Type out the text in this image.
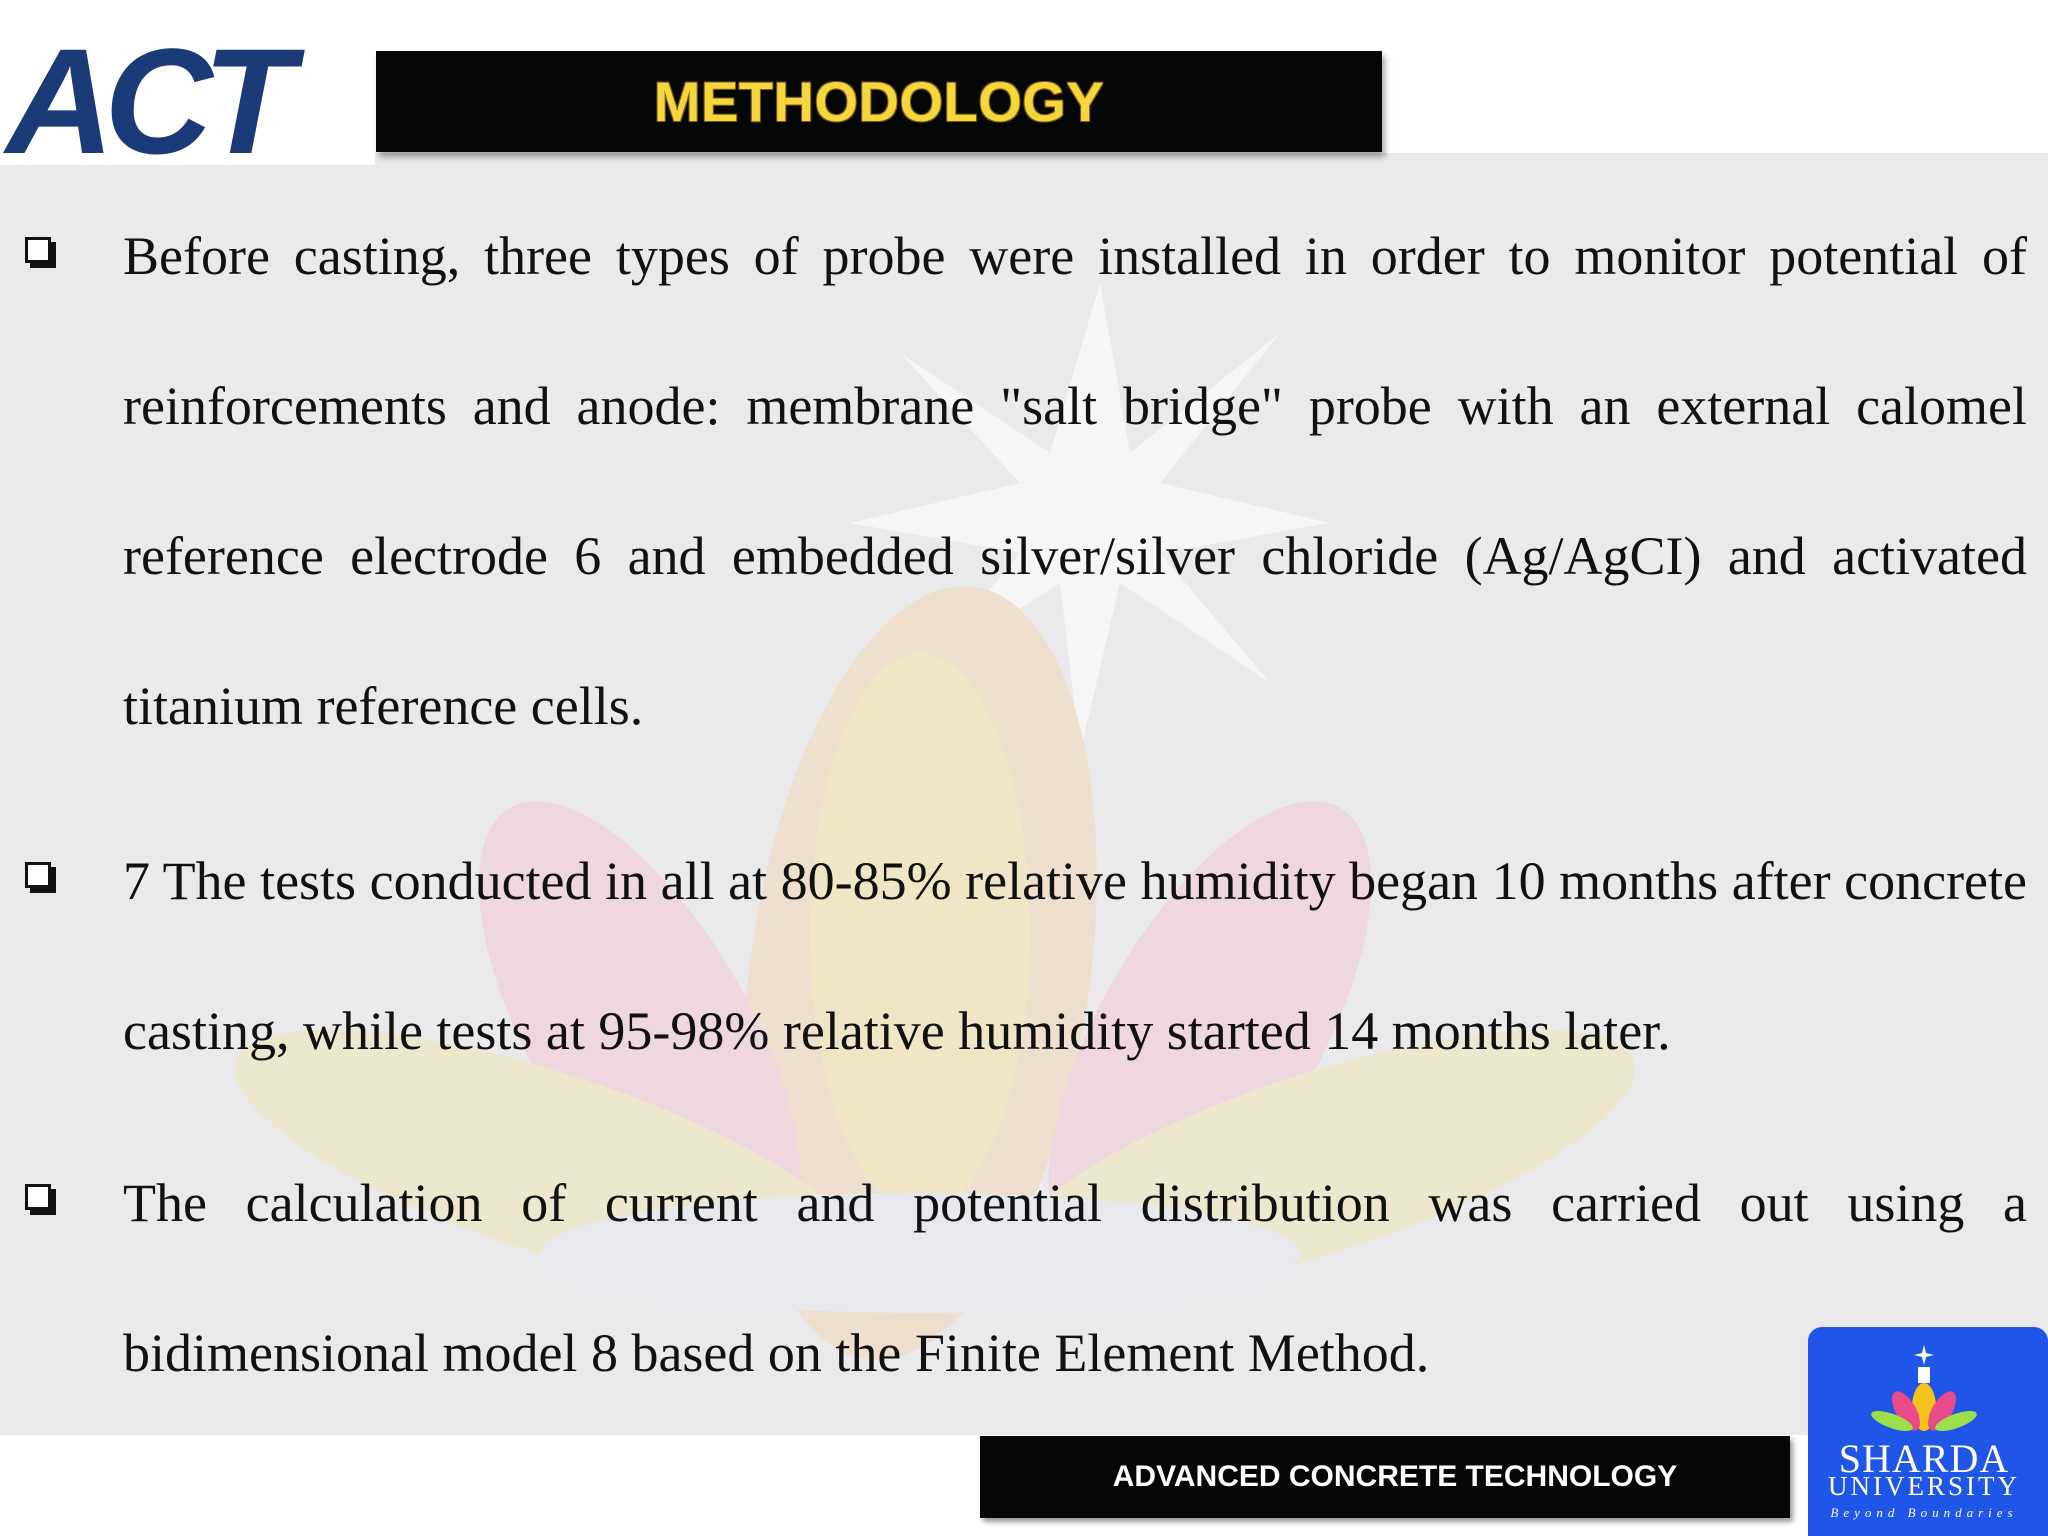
ACT	METHODOLOGY
Before casting, three types of probe were installed in order to monitor potential of reinforcements and anode: membrane "salt bridge" probe with an external calomel reference electrode 6 and embedded silver/silver chloride (Ag/AgCI) and activated titanium reference cells.
7 The tests conducted in all at 80-85% relative humidity began 10 months after concrete casting, while tests at 95-98% relative humidity started 14 months later.
The calculation of current and potential distribution was carried out using a bidimensional model 8 based on the Finite Element Method.
ADVANCED CONCRETE TECHNOLOGY	SHARDA
UNIVERSITY
Beyond Boundaries
